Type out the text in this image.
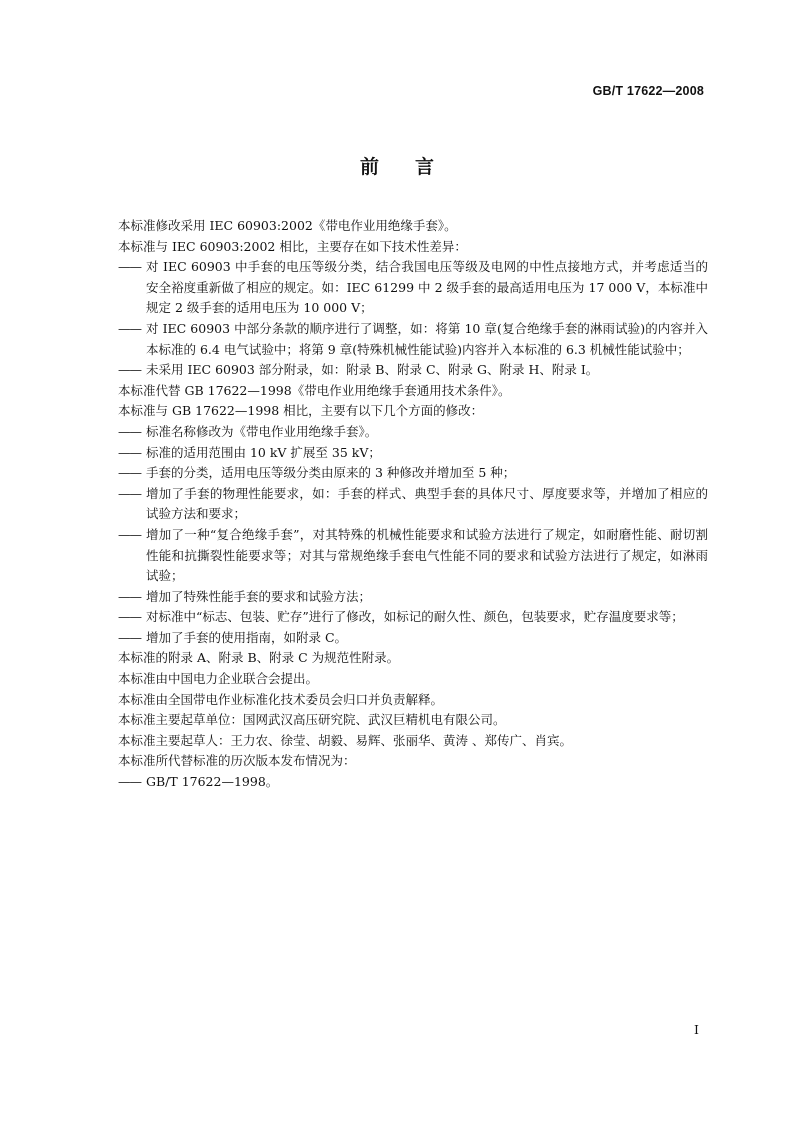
GB/T 17622—2008
前言

本标准修改采用 IEC 60903:2002《带电作业用绝缘手套》。

本标准与 IEC 60903:2002 相比，主要存在如下技术性差异：

—— 对 IEC 60903 中手套的电压等级分类，结合我国电压等级及电网的中性点接地方式，并考虑适当的安全裕度重新做了相应的规定。如：IEC 61299 中 2 级手套的最高适用电压为 17 000 V，本标准中规定 2 级手套的适用电压为 10 000 V；
—— 对 IEC 60903 中部分条款的顺序进行了调整，如：将第 10 章(复合绝缘手套的淋雨试验)的内容并入本标准的 6.4 电气试验中；将第 9 章(特殊机械性能试验)内容并入本标准的 6.3 机械性能试验中；
—— 未采用 IEC 60903 部分附录，如：附录 B、附录 C、附录 G、附录 H、附录 I。

本标准代替 GB 17622—1998《带电作业用绝缘手套通用技术条件》。

本标准与 GB 17622—1998 相比，主要有以下几个方面的修改：

—— 标准名称修改为《带电作业用绝缘手套》。
—— 标准的适用范围由 10 kV 扩展至 35 kV；
—— 手套的分类，适用电压等级分类由原来的 3 种修改并增加至 5 种；
—— 增加了手套的物理性能要求，如：手套的样式、典型手套的具体尺寸、厚度要求等，并增加了相应的试验方法和要求；
—— 增加了一种“复合绝缘手套”，对其特殊的机械性能要求和试验方法进行了规定，如耐磨性能、耐切割性能和抗撕裂性能要求等；对其与常规绝缘手套电气性能不同的要求和试验方法进行了规定，如淋雨试验；
—— 增加了特殊性能手套的要求和试验方法；
—— 对标准中“标志、包装、贮存”进行了修改，如标记的耐久性、颜色，包装要求，贮存温度要求等；
—— 增加了手套的使用指南，如附录 C。

本标准的附录 A、附录 B、附录 C 为规范性附录。

本标准由中国电力企业联合会提出。

本标准由全国带电作业标准化技术委员会归口并负责解释。

本标准主要起草单位：国网武汉高压研究院、武汉巨精机电有限公司。

本标准主要起草人：王力农、徐莹、胡毅、易辉、张丽华、黄涛 、郑传广、肖宾。

本标准所代替标准的历次版本发布情况为：

—— GB/T 17622—1998。
I
